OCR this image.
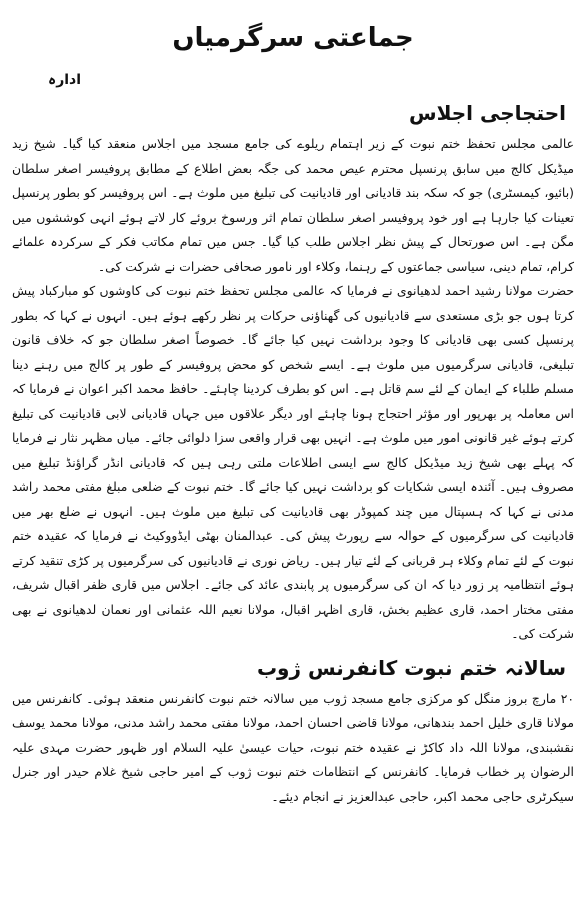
جماعتی سرگرمیاں
ادارہ
احتجاجی اجلاس

عالمی مجلس تحفظ ختم نبوت کے زیر اہتمام ریلوے کی جامع مسجد میں اجلاس منعقد کیا گیا۔ شیخ زید میڈیکل کالج میں سابق پرنسپل محترم عیص محمد کی جگہ بعض اطلاع کے مطابق پروفیسر اصغر سلطان (بائیو، کیمسٹری) جو کہ سکہ بند قادیانی اور قادیانیت کی تبلیغ میں ملوث ہے۔ اس پروفیسر کو بطور پرنسپل تعینات کیا جارہا ہے اور خود پروفیسر اصغر سلطان تمام اثر ورسوخ بروئے کار لاتے ہوئے انہی کوششوں میں مگن ہے۔ اس صورتحال کے پیش نظر اجلاس طلب کیا گیا۔ جس میں تمام مکاتب فکر کے سرکردہ علمائے کرام، تمام دینی، سیاسی جماعتوں کے رہنما، وکلاء اور نامور صحافی حضرات نے شرکت کی۔

حضرت مولانا رشید احمد لدھیانوی نے فرمایا کہ عالمی مجلس تحفظ ختم نبوت کی کاوشوں کو مبارکباد پیش کرتا ہوں جو بڑی مستعدی سے قادیانیوں کی گھناؤنی حرکات پر نظر رکھے ہوئے ہیں۔ انہوں نے کہا کہ بطور پرنسپل کسی بھی قادیانی کا وجود برداشت نہیں کیا جائے گا۔ خصوصاً اصغر سلطان جو کہ خلاف قانون تبلیغی، قادیانی سرگرمیوں میں ملوث ہے۔ ایسے شخص کو محض پروفیسر کے طور پر کالج میں رہنے دینا مسلم طلباء کے ایمان کے لئے سم قاتل ہے۔ اس کو بطرف کردینا چاہئے۔ حافظ محمد اکبر اعوان نے فرمایا کہ اس معاملہ پر بھرپور اور مؤثر احتجاج ہونا چاہئے اور دیگر علاقوں میں جہاں قادیانی لابی قادیانیت کی تبلیغ کرتے ہوئے غیر قانونی امور میں ملوث ہے۔ انہیں بھی قرار واقعی سزا دلوائی جائے۔ میاں مظہر نثار نے فرمایا کہ پہلے بھی شیخ زید میڈیکل کالج سے ایسی اطلاعات ملتی رہی ہیں کہ قادیانی انڈر گراؤنڈ تبلیغ میں مصروف ہیں۔ آئندہ ایسی شکایات کو برداشت نہیں کیا جائے گا۔ ختم نبوت کے ضلعی مبلغ مفتی محمد راشد مدنی نے کہا کہ ہسپتال میں چند کمپوڈر بھی قادیانیت کی تبلیغ میں ملوث ہیں۔ انہوں نے ضلع بھر میں قادیانیت کی سرگرمیوں کے حوالہ سے رپورٹ پیش کی۔ عبدالمنان بھٹی ایڈووکیٹ نے فرمایا کہ عقیدہ ختم نبوت کے لئے تمام وکلاء ہر قربانی کے لئے تیار ہیں۔ ریاض نوری نے قادیانیوں کی سرگرمیوں پر کڑی تنقید کرتے ہوئے انتظامیہ پر زور دیا کہ ان کی سرگرمیوں پر پابندی عائد کی جائے۔ اجلاس میں قاری ظفر اقبال شریف، مفتی مختار احمد، قاری عظیم بخش، قاری اظہر اقبال، مولانا نعیم اللہ عثمانی اور نعمان لدھیانوی نے بھی شرکت کی۔

سالانہ ختم نبوت کانفرنس ژوب

۲۰ مارچ بروز منگل کو مرکزی جامع مسجد ژوب میں سالانہ ختم نبوت کانفرنس منعقد ہوئی۔ کانفرنس میں مولانا قاری خلیل احمد بندھانی، مولانا قاضی احسان احمد، مولانا مفتی محمد راشد مدنی، مولانا محمد یوسف نقشبندی، مولانا اللہ داد کاکڑ نے عقیدہ ختم نبوت، حیات عیسیٰ علیہ السلام اور ظہور حضرت مہدی علیہ الرضوان پر خطاب فرمایا۔ کانفرنس کے انتظامات ختم نبوت ژوب کے امیر حاجی شیخ غلام حیدر اور جنرل سیکرٹری حاجی محمد اکبر، حاجی عبدالعزیز نے انجام دیئے۔
